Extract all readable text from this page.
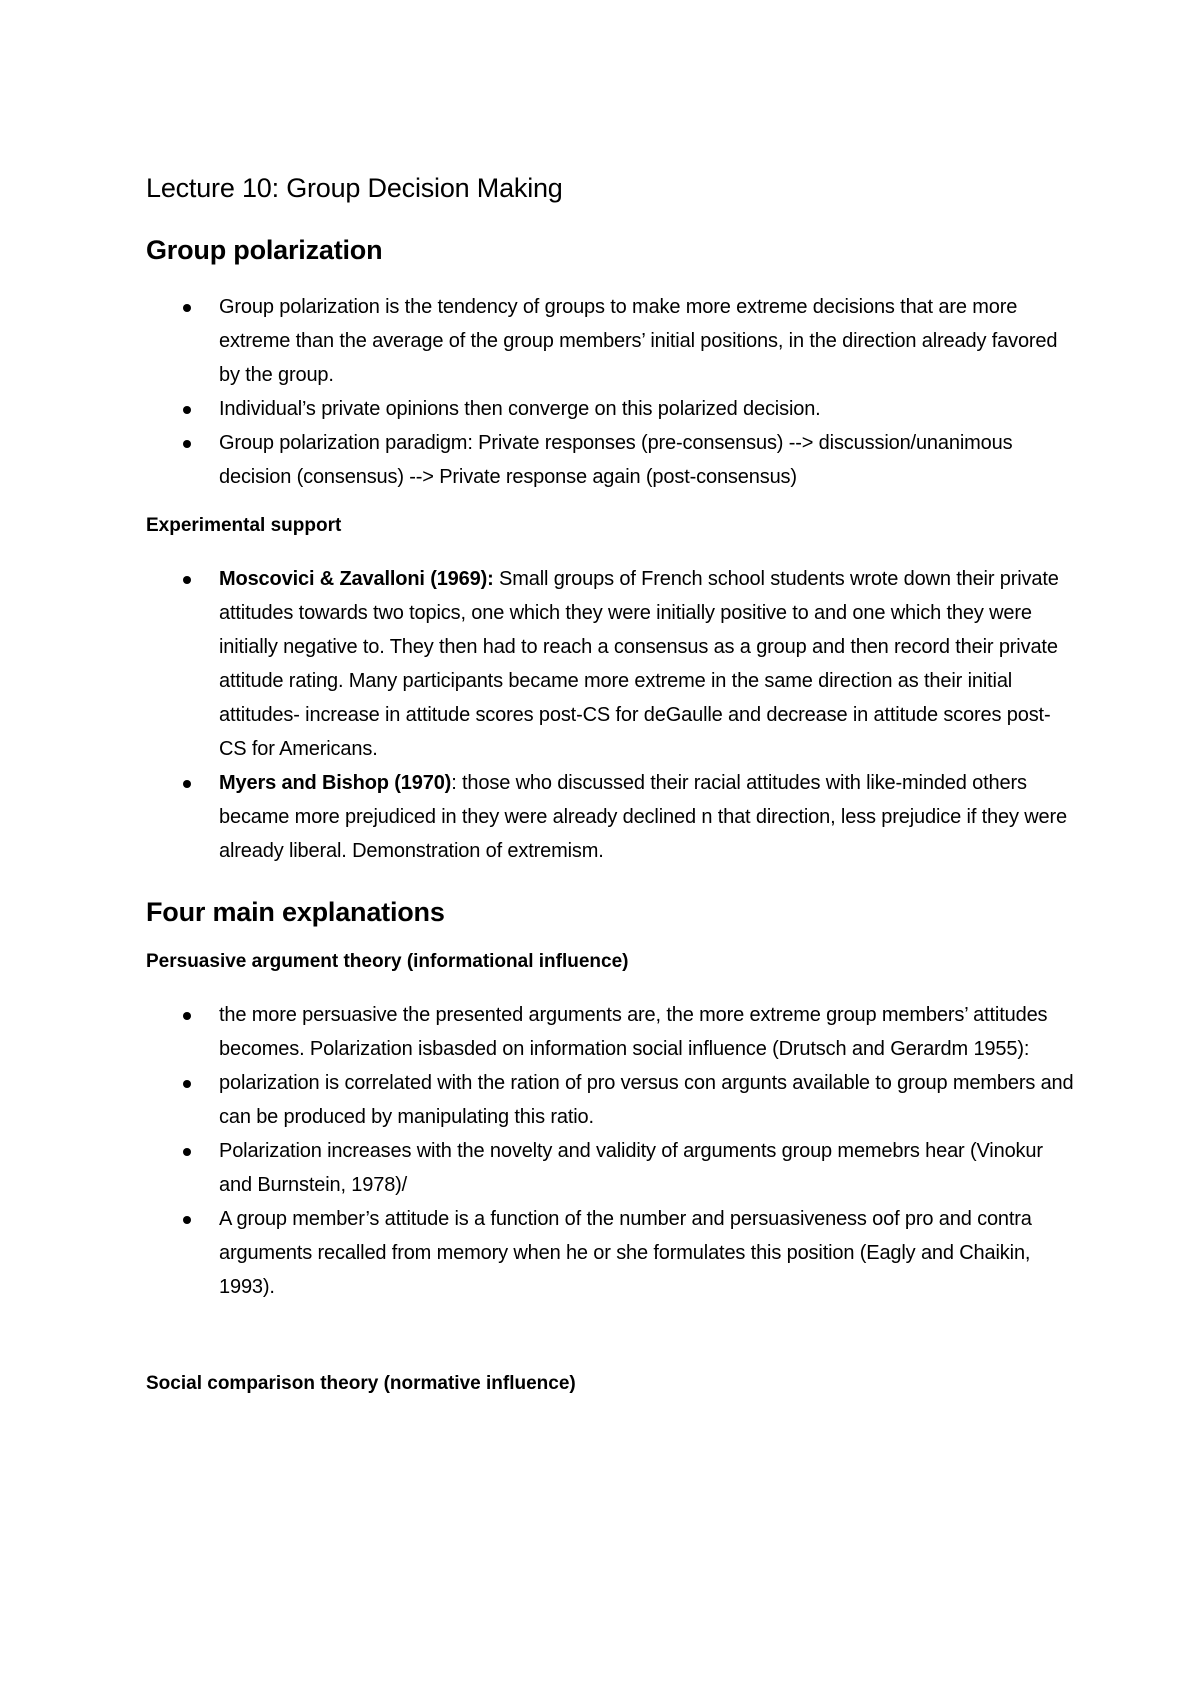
Lecture 10: Group Decision Making
Group polarization
Group polarization is the tendency of groups to make more extreme decisions that are more extreme than the average of the group members’ initial positions, in the direction already favored by the group.
Individual’s private opinions then converge on this polarized decision.
Group polarization paradigm: Private responses (pre-consensus) --> discussion/unanimous decision (consensus) --> Private response again (post-consensus)
Experimental support
Moscovici & Zavalloni (1969): Small groups of French school students wrote down their private attitudes towards two topics, one which they were initially positive to and one which they were initially negative to. They then had to reach a consensus as a group and then record their private attitude rating. Many participants became more extreme in the same direction as their initial attitudes- increase in attitude scores post-CS for deGaulle and decrease in attitude scores post-CS for Americans.
Myers and Bishop (1970): those who discussed their racial attitudes with like-minded others became more prejudiced in they were already declined n that direction, less prejudice if they were already liberal. Demonstration of extremism.
Four main explanations
Persuasive argument theory (informational influence)
the more persuasive the presented arguments are, the more extreme group members’ attitudes becomes. Polarization isbasded on information social influence (Drutsch and Gerardm 1955):
polarization is correlated with the ration of pro versus con argunts available to group members and can be produced by manipulating this ratio.
Polarization increases with the novelty and validity of arguments group memebrs hear (Vinokur and Burnstein, 1978)/
A group member’s attitude is a function of the number and persuasiveness oof pro and contra arguments recalled from memory when he or she formulates this position (Eagly and Chaikin, 1993).
Social comparison theory (normative influence)
